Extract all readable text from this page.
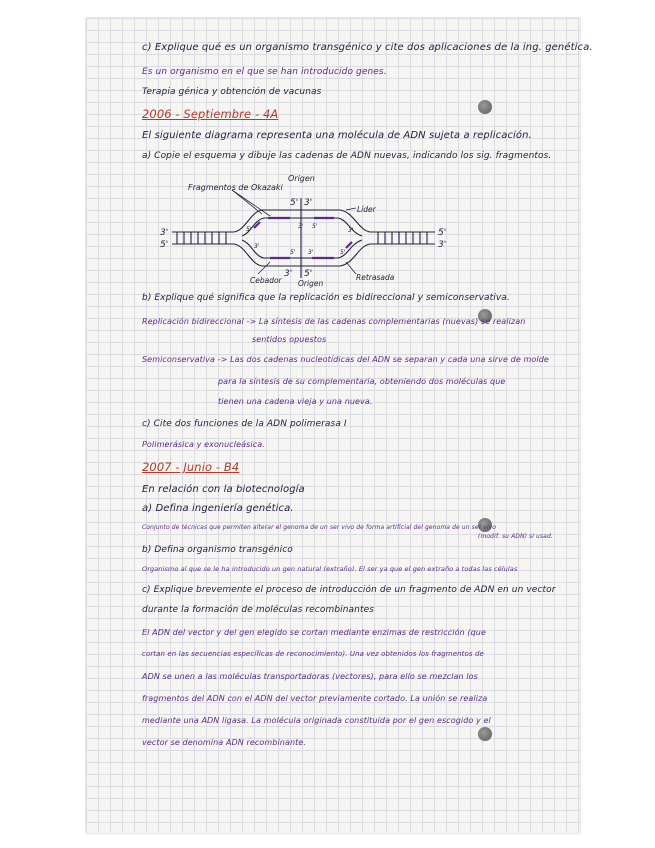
c) Explique qué es un organismo transgénico y cite dos aplicaciones de la ing. genética.
Es un organismo en el que se han introducido genes.
Terapia génica y obtención de vacunas
2006 - Septiembre - 4A
El siguiente diagrama representa una molécula de ADN sujeta a replicación.
a) Copie el esquema y dibuje las cadenas de ADN nuevas, indicando los sig. fragmentos.
Fragmentos de Okazaki
Origen
Líder
Cebador Origen
Retrasada
5' 3'
3' 5'
3'
5'
5'
3'
5'
3'
3' 5'
5' 3'	5'
3'
b) Explique qué significa que la replicación es bidireccional y semiconservativa.
Replicación bidireccional -> La síntesis de las cadenas complementarias (nuevas) se realizan
sentidos opuestos
Semiconservativa -> Las dos cadenas nucleotídicas del ADN se separan y cada una sirve de molde
para la síntesis de su complementaria, obteniendo dos moléculas que
tienen una cadena vieja y una nueva.
c) Cite dos funciones de la ADN polimerasa I
Polimerásica y exonucleásica.
2007 - Junio - B4
En relación con la biotecnología
a) Defina ingeniería genética.
Conjunto de técnicas que permiten alterar el genoma de un ser vivo de forma artificial del genoma de un ser vivo
(modif. su ADN) si usad.
b) Defina organismo transgénico
Organismo al que se le ha introducido un gen natural (extraño). El ser ya que el gen extraño a todas las células
c) Explique brevemente el proceso de introducción de un fragmento de ADN en un vector
durante la formación de moléculas recombinantes
El ADN del vector y del gen elegido se cortan mediante enzimas de restricción (que
cortan en las secuencias específicas de reconocimiento). Una vez obtenidos los fragmentos de
ADN se unen a las moléculas transportadoras (vectores), para ello se mezclan los
fragmentos del ADN con el ADN del vector previamente cortado. La unión se realiza
mediante una ADN ligasa. La molécula originada constituida por el gen escogido y el
vector se denomina ADN recombinante.
